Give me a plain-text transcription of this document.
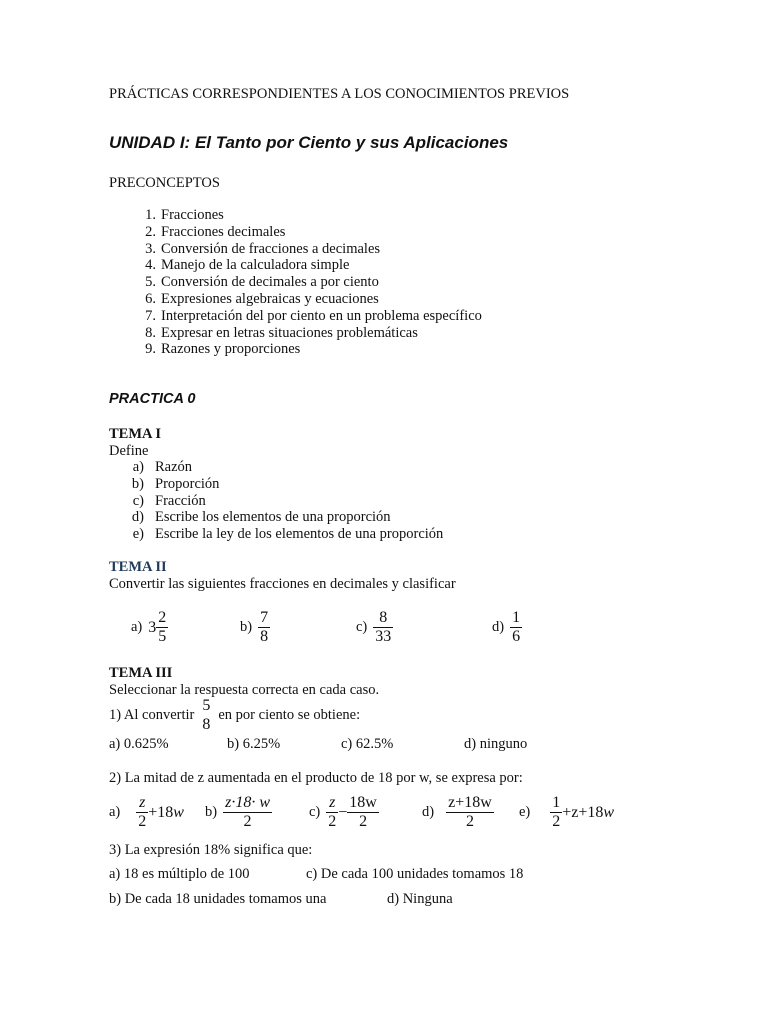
PRÁCTICAS CORRESPONDIENTES A LOS CONOCIMIENTOS PREVIOS
UNIDAD I: El Tanto por Ciento y sus Aplicaciones
PRECONCEPTOS
1. Fracciones
2. Fracciones decimales
3. Conversión de fracciones a decimales
4. Manejo de la calculadora simple
5. Conversión de decimales a por ciento
6. Expresiones algebraicas y ecuaciones
7. Interpretación del por ciento en un problema específico
8. Expresar en letras situaciones problemáticas
9. Razones y proporciones
PRACTICA 0
TEMA I
Define
a) Razón
b) Proporción
c) Fracción
d) Escribe los elementos de una proporción
e) Escribe la ley de los elementos de una proporción
TEMA II
Convertir las siguientes fracciones en decimales y clasificar
a) $3 \frac{2}{5}$	$b) \frac{7}{8}$	$c) \frac{8}{33}$	$d) \frac{1}{6}$
TEMA III
Seleccionar la respuesta correcta en cada caso.
1) Al convertir
5
8
en por ciento se obtiene:
a) 0.625%	b) 6.25%	c) 62.5%	d) ninguno
2) La mitad de z aumentada en el producto de 18 por w, se expresa por:
$a) \frac{z}{2} +18$ w $b) \frac{z\cdot 18\cdot w}{2}$	$c) \frac{z}{2} - \frac{18w}{2}$	$d) \frac{z+18w}{2} e) \frac{1}{2} +z+18$ w
3) La expresión 18% significa que:
a) 18 es múltiplo de 100	c) De cada 100 unidades tomamos 18
b) De cada 18 unidades tomamos una	d) Ninguna
